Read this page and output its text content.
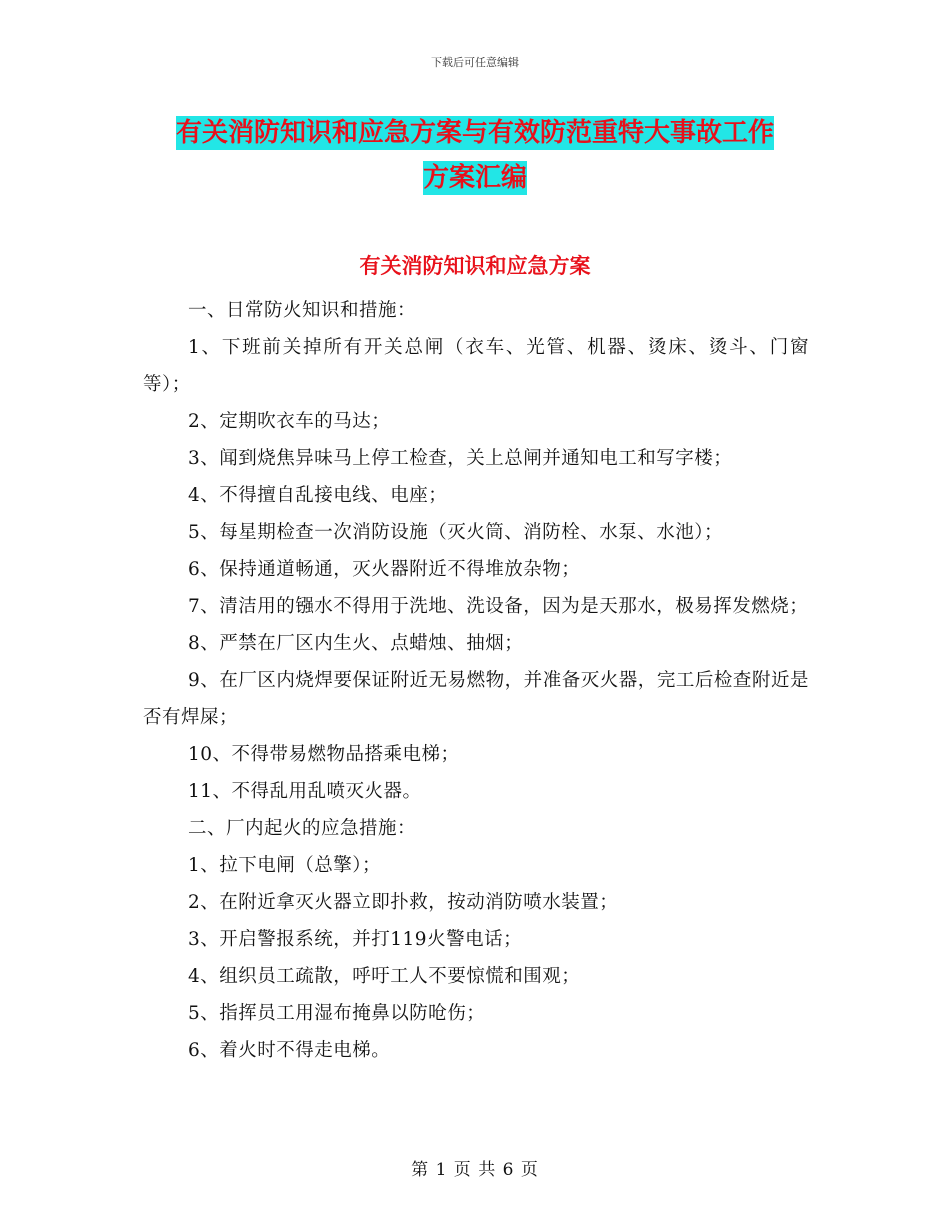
下载后可任意编辑
有关消防知识和应急方案与有效防范重特大事故工作
方案汇编
有关消防知识和应急方案

一、日常防火知识和措施：

1、下班前关掉所有开关总闸（衣车、光管、机器、烫床、烫斗、门窗等）；

2、定期吹衣车的马达；

3、闻到烧焦异味马上停工检查，关上总闸并通知电工和写字楼；

4、不得擅自乱接电线、电座；

5、每星期检查一次消防设施（灭火筒、消防栓、水泵、水池）；

6、保持通道畅通，灭火器附近不得堆放杂物；

7、清洁用的镪水不得用于洗地、洗设备，因为是天那水，极易挥发燃烧；

8、严禁在厂区内生火、点蜡烛、抽烟；

9、在厂区内烧焊要保证附近无易燃物，并准备灭火器，完工后检查附近是否有焊屎；

10、不得带易燃物品搭乘电梯；

11、不得乱用乱喷灭火器。

二、厂内起火的应急措施：

1、拉下电闸（总擎）；

2、在附近拿灭火器立即扑救，按动消防喷水装置；

3、开启警报系统，并打119火警电话；

4、组织员工疏散，呼吁工人不要惊慌和围观；

5、指挥员工用湿布掩鼻以防呛伤；

6、着火时不得走电梯。

第 1 页 共 6 页
